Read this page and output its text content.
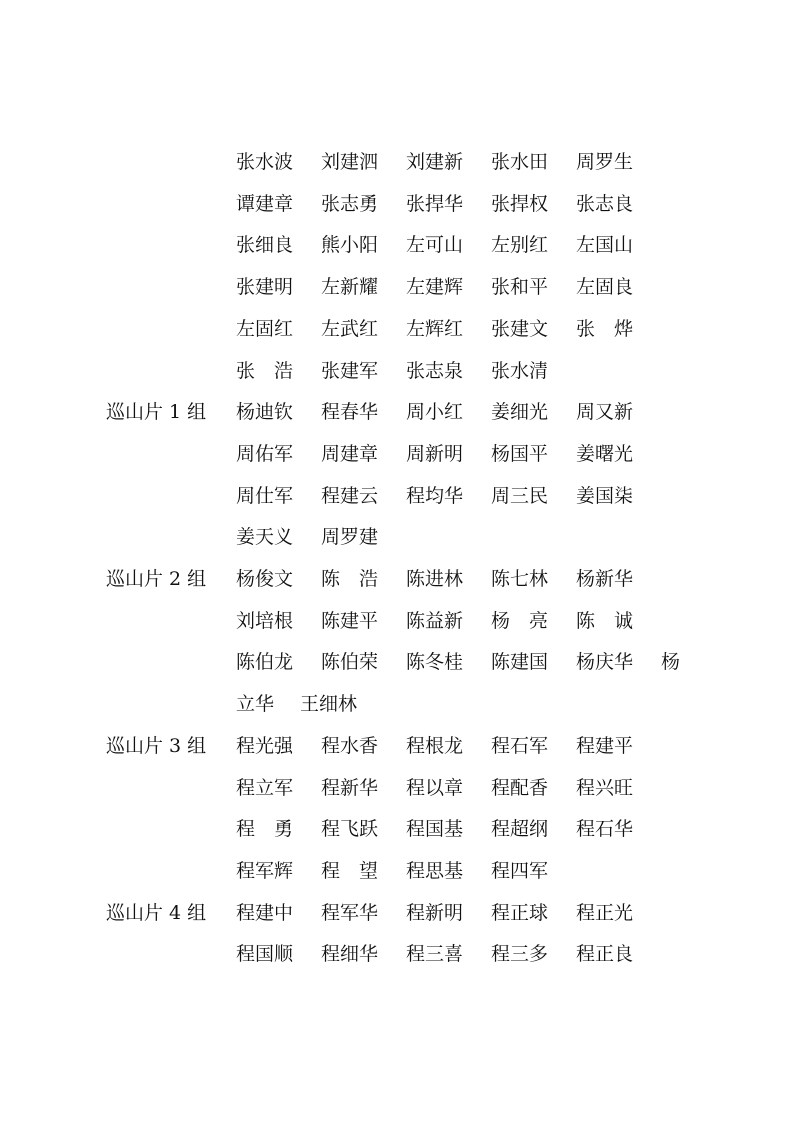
张水波 刘建泗 刘建新 张水田 周罗生
谭建章 张志勇 张捍华 张捍权 张志良
张细良 熊小阳 左可山 左别红 左国山
张建明 左新耀 左建辉 张和平 左固良
左固红 左武红 左辉红 张建文 张　烨
张　浩 张建军 张志泉 张水清
巡山片 1 组 杨迪钦 程春华 周小红 姜细光 周又新
周佑军 周建章 周新明 杨国平 姜曙光
周仕军 程建云 程均华 周三民 姜国柒
姜天义 周罗建
巡山片 2 组 杨俊文 陈　浩 陈进林 陈七林 杨新华
刘培根 陈建平 陈益新 杨　亮 陈　诚
陈伯龙 陈伯荣 陈冬桂 陈建国 杨庆华 杨
立华 王细林
巡山片 3 组 程光强 程水香 程根龙 程石军 程建平
程立军 程新华 程以章 程配香 程兴旺
程　勇 程飞跃 程国基 程超纲 程石华
程军辉 程　望 程思基 程四军
巡山片 4 组 程建中 程军华 程新明 程正球 程正光
程国顺 程细华 程三喜 程三多 程正良
